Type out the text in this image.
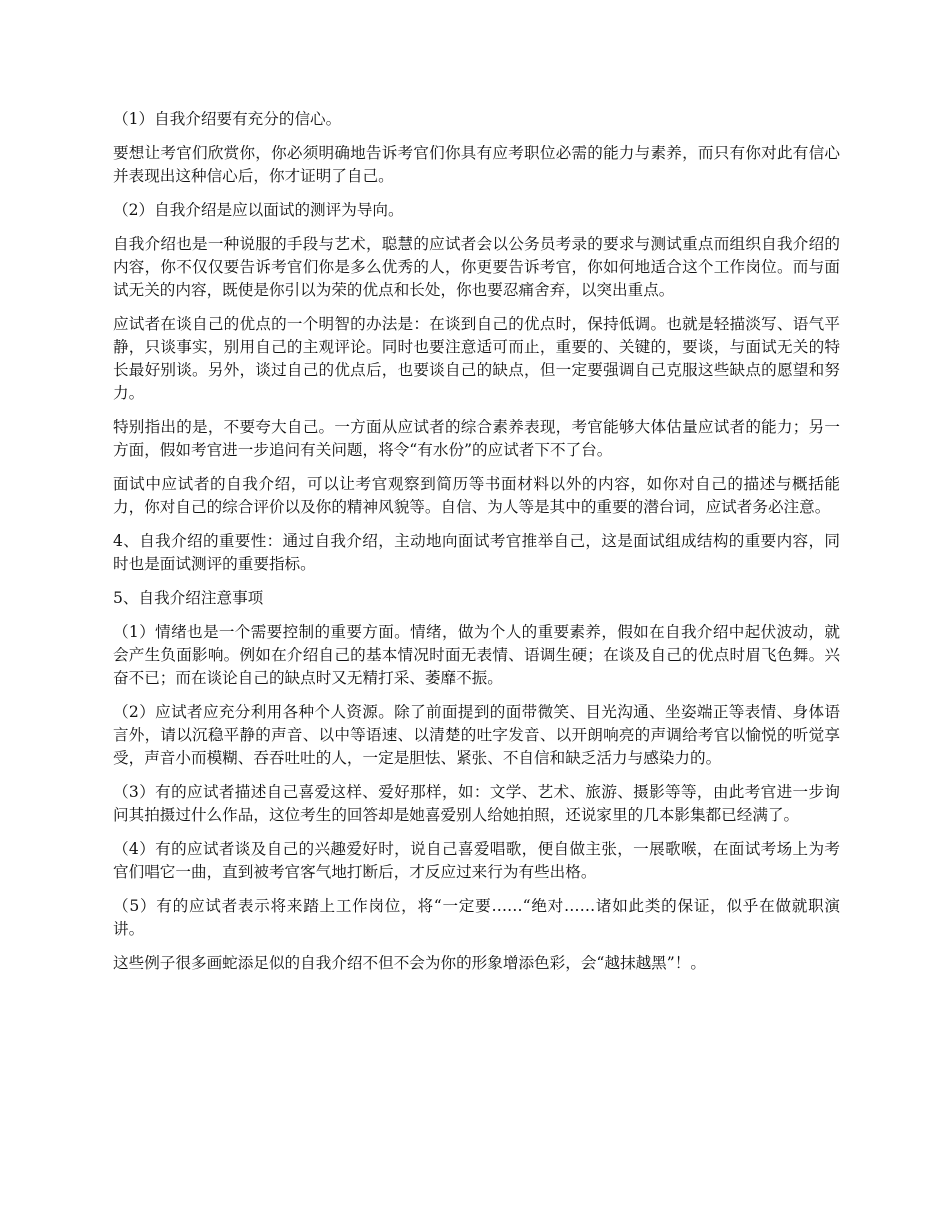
（1）自我介绍要有充分的信心。

要想让考官们欣赏你，你必须明确地告诉考官们你具有应考职位必需的能力与素养，而只有你对此有信心并表现出这种信心后，你才证明了自己。

（2）自我介绍是应以面试的测评为导向。

自我介绍也是一种说服的手段与艺术，聪慧的应试者会以公务员考录的要求与测试重点而组织自我介绍的内容，你不仅仅要告诉考官们你是多么优秀的人，你更要告诉考官，你如何地适合这个工作岗位。而与面试无关的内容，既使是你引以为荣的优点和长处，你也要忍痛舍弃，以突出重点。

应试者在谈自己的优点的一个明智的办法是：在谈到自己的优点时，保持低调。也就是轻描淡写、语气平静，只谈事实，别用自己的主观评论。同时也要注意适可而止，重要的、关键的，要谈，与面试无关的特长最好别谈。另外，谈过自己的优点后，也要谈自己的缺点，但一定要强调自己克服这些缺点的愿望和努力。

特别指出的是，不要夸大自己。一方面从应试者的综合素养表现，考官能够大体估量应试者的能力；另一方面，假如考官进一步追问有关问题，将令“有水份”的应试者下不了台。

面试中应试者的自我介绍，可以让考官观察到简历等书面材料以外的内容，如你对自己的描述与概括能力，你对自己的综合评价以及你的精神风貌等。自信、为人等是其中的重要的潜台词，应试者务必注意。

4、自我介绍的重要性：通过自我介绍，主动地向面试考官推举自己，这是面试组成结构的重要内容，同时也是面试测评的重要指标。

5、自我介绍注意事项

（1）情绪也是一个需要控制的重要方面。情绪，做为个人的重要素养，假如在自我介绍中起伏波动，就会产生负面影响。例如在介绍自己的基本情况时面无表情、语调生硬；在谈及自己的优点时眉飞色舞。兴奋不已；而在谈论自己的缺点时又无精打采、萎靡不振。

（2）应试者应充分利用各种个人资源。除了前面提到的面带微笑、目光沟通、坐姿端正等表情、身体语言外，请以沉稳平静的声音、以中等语速、以清楚的吐字发音、以开朗响亮的声调给考官以愉悦的听觉享受，声音小而模糊、吞吞吐吐的人，一定是胆怯、紧张、不自信和缺乏活力与感染力的。

（3）有的应试者描述自己喜爱这样、爱好那样，如：文学、艺术、旅游、摄影等等，由此考官进一步询问其拍摄过什么作品，这位考生的回答却是她喜爱别人给她拍照，还说家里的几本影集都已经满了。

（4）有的应试者谈及自己的兴趣爱好时，说自己喜爱唱歌，便自做主张，一展歌喉，在面试考场上为考官们唱它一曲，直到被考官客气地打断后，才反应过来行为有些出格。

（5）有的应试者表示将来踏上工作岗位，将“一定要……“绝对……诸如此类的保证，似乎在做就职演讲。

这些例子很多画蛇添足似的自我介绍不但不会为你的形象增添色彩，会“越抹越黑”！。
